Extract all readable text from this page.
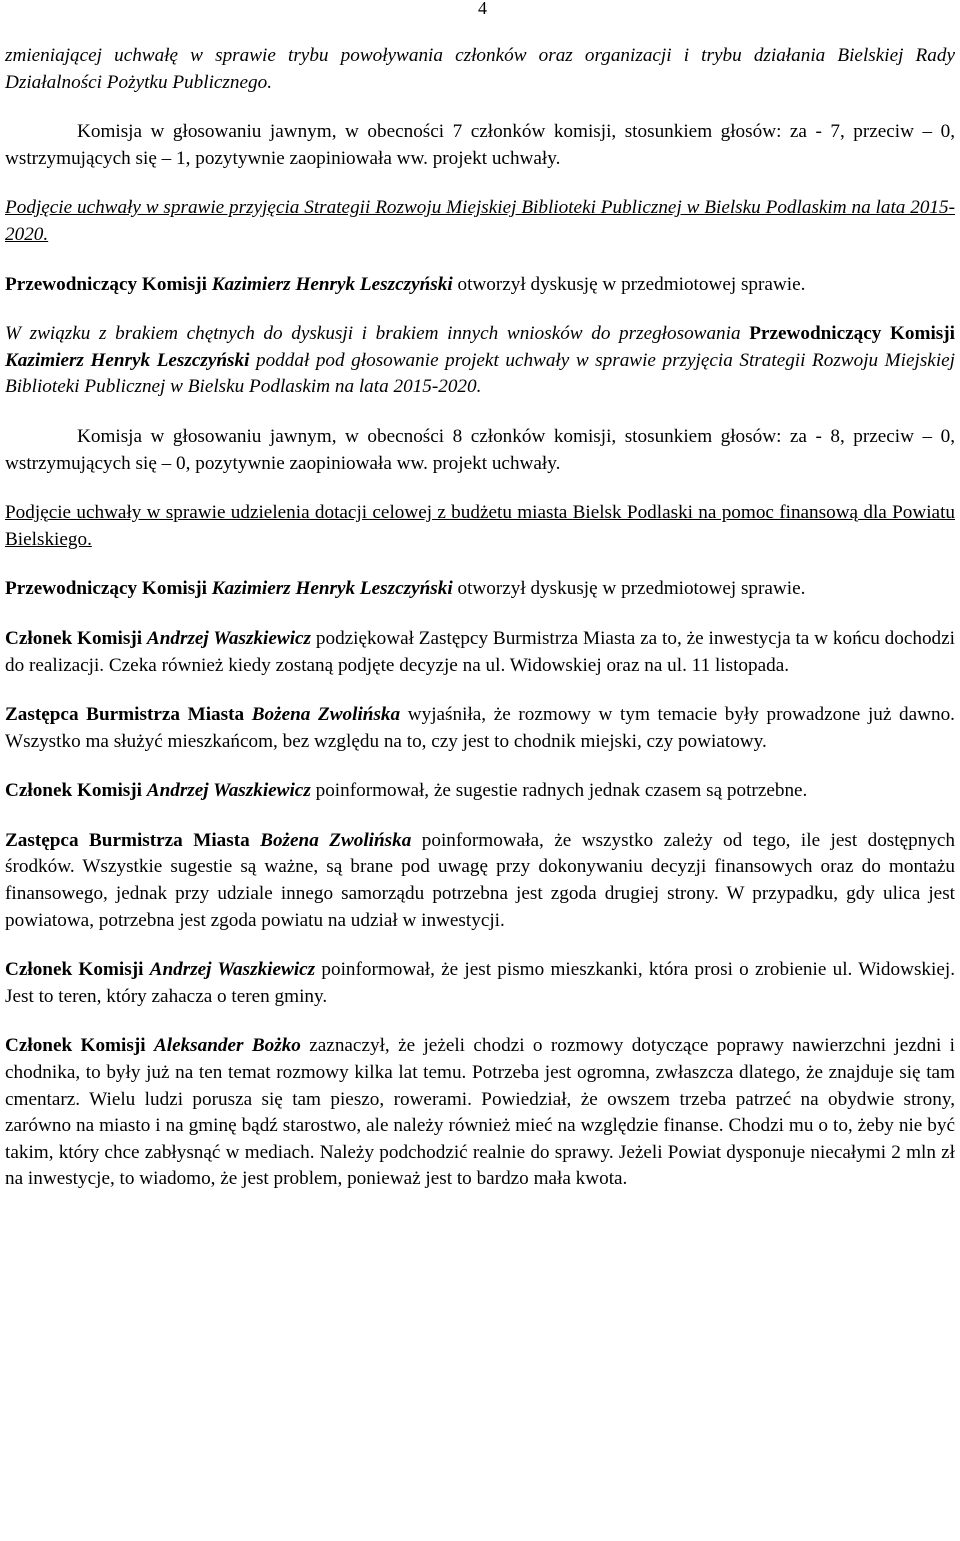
4

zmieniającej uchwałę w sprawie trybu powoływania członków oraz organizacji i trybu działania Bielskiej Rady Działalności Pożytku Publicznego.

Komisja w głosowaniu jawnym, w obecności 7 członków komisji, stosunkiem głosów: za - 7, przeciw – 0, wstrzymujących się – 1, pozytywnie zaopiniowała ww. projekt uchwały.

Podjęcie uchwały w sprawie przyjęcia Strategii Rozwoju Miejskiej Biblioteki Publicznej w Bielsku Podlaskim na lata 2015-2020.

Przewodniczący Komisji Kazimierz Henryk Leszczyński otworzył dyskusję w przedmiotowej sprawie.

W związku z brakiem chętnych do dyskusji i brakiem innych wniosków do przegłosowania Przewodniczący Komisji Kazimierz Henryk Leszczyński poddał pod głosowanie projekt uchwały w sprawie przyjęcia Strategii Rozwoju Miejskiej Biblioteki Publicznej w Bielsku Podlaskim na lata 2015-2020.

Komisja w głosowaniu jawnym, w obecności 8 członków komisji, stosunkiem głosów: za - 8, przeciw – 0, wstrzymujących się – 0, pozytywnie zaopiniowała ww. projekt uchwały.

Podjęcie uchwały w sprawie udzielenia dotacji celowej z budżetu miasta Bielsk Podlaski na pomoc finansową dla Powiatu Bielskiego.

Przewodniczący Komisji Kazimierz Henryk Leszczyński otworzył dyskusję w przedmiotowej sprawie.

Członek Komisji Andrzej Waszkiewicz podziękował Zastępcy Burmistrza Miasta za to, że inwestycja ta w końcu dochodzi do realizacji. Czeka również kiedy zostaną podjęte decyzje na ul. Widowskiej oraz na ul. 11 listopada.

Zastępca Burmistrza Miasta Bożena Zwolińska wyjaśniła, że rozmowy w tym temacie były prowadzone już dawno. Wszystko ma służyć mieszkańcom, bez względu na to, czy jest to chodnik miejski, czy powiatowy.

Członek Komisji Andrzej Waszkiewicz poinformował, że sugestie radnych jednak czasem są potrzebne.

Zastępca Burmistrza Miasta Bożena Zwolińska poinformowała, że wszystko zależy od tego, ile jest dostępnych środków. Wszystkie sugestie są ważne, są brane pod uwagę przy dokonywaniu decyzji finansowych oraz do montażu finansowego, jednak przy udziale innego samorządu potrzebna jest zgoda drugiej strony. W przypadku, gdy ulica jest powiatowa, potrzebna jest zgoda powiatu na udział w inwestycji.

Członek Komisji Andrzej Waszkiewicz poinformował, że jest pismo mieszkanki, która prosi o zrobienie ul. Widowskiej. Jest to teren, który zahacza o teren gminy.

Członek Komisji Aleksander Bożko zaznaczył, że jeżeli chodzi o rozmowy dotyczące poprawy nawierzchni jezdni i chodnika, to były już na ten temat rozmowy kilka lat temu. Potrzeba jest ogromna, zwłaszcza dlatego, że znajduje się tam cmentarz. Wielu ludzi porusza się tam pieszo, rowerami. Powiedział, że owszem trzeba patrzeć na obydwie strony, zarówno na miasto i na gminę bądź starostwo, ale należy również mieć na względzie finanse. Chodzi mu o to, żeby nie być takim, który chce zabłysnąć w mediach. Należy podchodzić realnie do sprawy. Jeżeli Powiat dysponuje niecałymi 2 mln zł na inwestycje, to wiadomo, że jest problem, ponieważ jest to bardzo mała kwota.
